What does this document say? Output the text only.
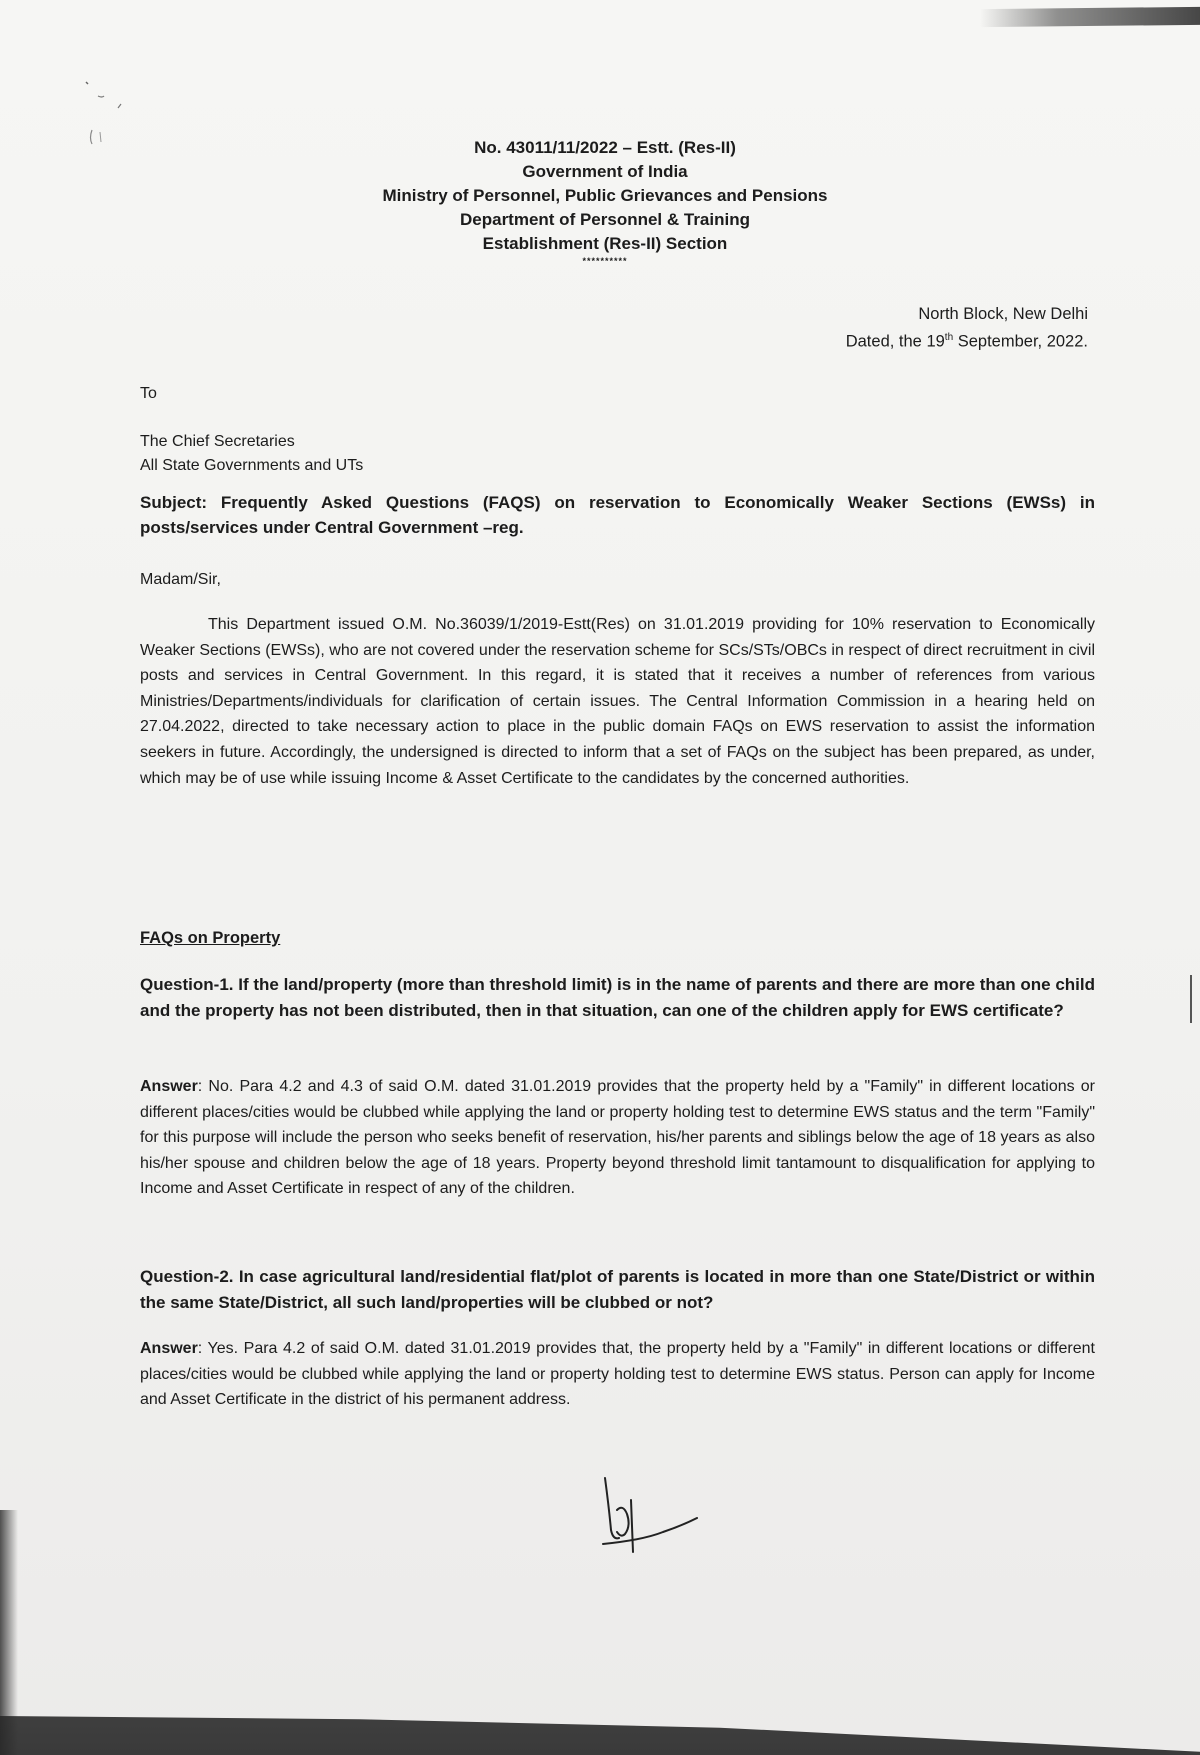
No. 43011/11/2022 – Estt. (Res-II)
Government of India
Ministry of Personnel, Public Grievances and Pensions
Department of Personnel & Training
Establishment (Res-II) Section
**********
North Block, New Delhi
Dated, the 19th September, 2022.
To
The Chief Secretaries
All State Governments and UTs
Subject: Frequently Asked Questions (FAQS) on reservation to Economically Weaker Sections (EWSs) in posts/services under Central Government –reg.
Madam/Sir,
This Department issued O.M. No.36039/1/2019-Estt(Res) on 31.01.2019 providing for 10% reservation to Economically Weaker Sections (EWSs), who are not covered under the reservation scheme for SCs/STs/OBCs in respect of direct recruitment in civil posts and services in Central Government. In this regard, it is stated that it receives a number of references from various Ministries/Departments/individuals for clarification of certain issues. The Central Information Commission in a hearing held on 27.04.2022, directed to take necessary action to place in the public domain FAQs on EWS reservation to assist the information seekers in future. Accordingly, the undersigned is directed to inform that a set of FAQs on the subject has been prepared, as under, which may be of use while issuing Income & Asset Certificate to the candidates by the concerned authorities.
FAQs on Property
Question-1. If the land/property (more than threshold limit) is in the name of parents and there are more than one child and the property has not been distributed, then in that situation, can one of the children apply for EWS certificate?
Answer: No. Para 4.2 and 4.3 of said O.M. dated 31.01.2019 provides that the property held by a "Family" in different locations or different places/cities would be clubbed while applying the land or property holding test to determine EWS status and the term "Family" for this purpose will include the person who seeks benefit of reservation, his/her parents and siblings below the age of 18 years as also his/her spouse and children below the age of 18 years. Property beyond threshold limit tantamount to disqualification for applying to Income and Asset Certificate in respect of any of the children.
Question-2. In case agricultural land/residential flat/plot of parents is located in more than one State/District or within the same State/District, all such land/properties will be clubbed or not?
Answer: Yes. Para 4.2 of said O.M. dated 31.01.2019 provides that, the property held by a "Family" in different locations or different places/cities would be clubbed while applying the land or property holding test to determine EWS status. Person can apply for Income and Asset Certificate in the district of his permanent address.
